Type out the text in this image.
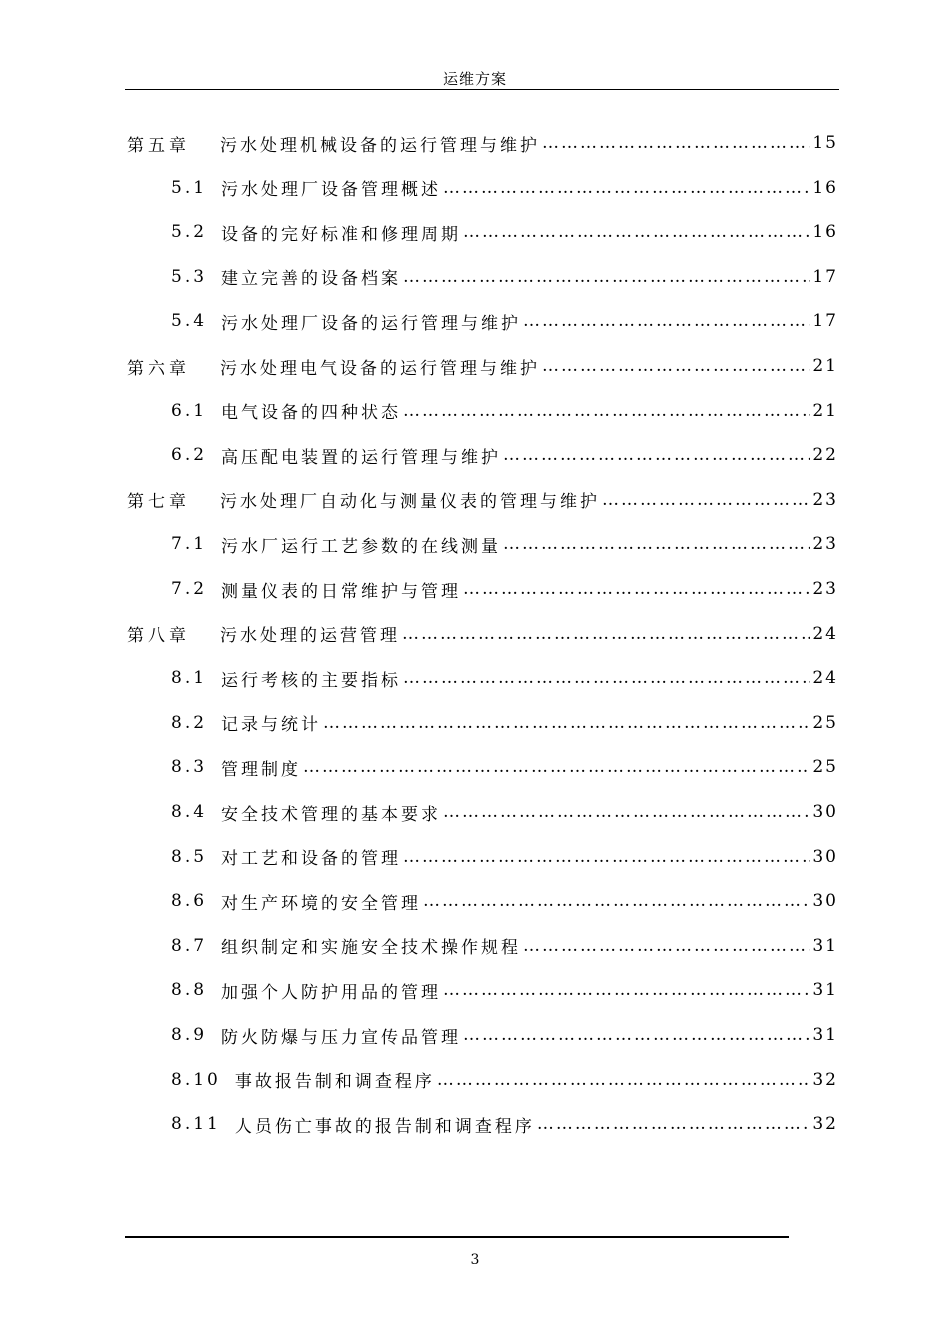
运维方案
第五章 污水处理机械设备的运行管理与维护 …………………………………………………………………………………………………………………………………………………………	15
5.1 污水处理厂设备管理概述 …………………………………………………………………………………………………………………………………………………………	16
5.2 设备的完好标准和修理周期 …………………………………………………………………………………………………………………………………………………………	16
5.3 建立完善的设备档案 …………………………………………………………………………………………………………………………………………………………	17
5.4 污水处理厂设备的运行管理与维护 …………………………………………………………………………………………………………………………………………………………	17
第六章 污水处理电气设备的运行管理与维护 …………………………………………………………………………………………………………………………………………………………	21
6.1 电气设备的四种状态 …………………………………………………………………………………………………………………………………………………………	21
6.2 高压配电装置的运行管理与维护 …………………………………………………………………………………………………………………………………………………………	22
第七章 污水处理厂自动化与测量仪表的管理与维护 …………………………………………………………………………………………………………………………………………………………	23
7.1 污水厂运行工艺参数的在线测量 …………………………………………………………………………………………………………………………………………………………	23
7.2 测量仪表的日常维护与管理 …………………………………………………………………………………………………………………………………………………………	23
第八章 污水处理的运营管理 …………………………………………………………………………………………………………………………………………………………	24
8.1 运行考核的主要指标 …………………………………………………………………………………………………………………………………………………………	24
8.2 记录与统计 …………………………………………………………………………………………………………………………………………………………	25
8.3 管理制度 …………………………………………………………………………………………………………………………………………………………	25
8.4 安全技术管理的基本要求 …………………………………………………………………………………………………………………………………………………………	30
8.5 对工艺和设备的管理 …………………………………………………………………………………………………………………………………………………………	30
8.6 对生产环境的安全管理 …………………………………………………………………………………………………………………………………………………………	30
8.7 组织制定和实施安全技术操作规程 …………………………………………………………………………………………………………………………………………………………	31
8.8 加强个人防护用品的管理 …………………………………………………………………………………………………………………………………………………………	31
8.9 防火防爆与压力宣传品管理 …………………………………………………………………………………………………………………………………………………………	31
8.10 事故报告制和调查程序 …………………………………………………………………………………………………………………………………………………………	32
8.11 人员伤亡事故的报告制和调查程序 …………………………………………………………………………………………………………………………………………………………	32
3
